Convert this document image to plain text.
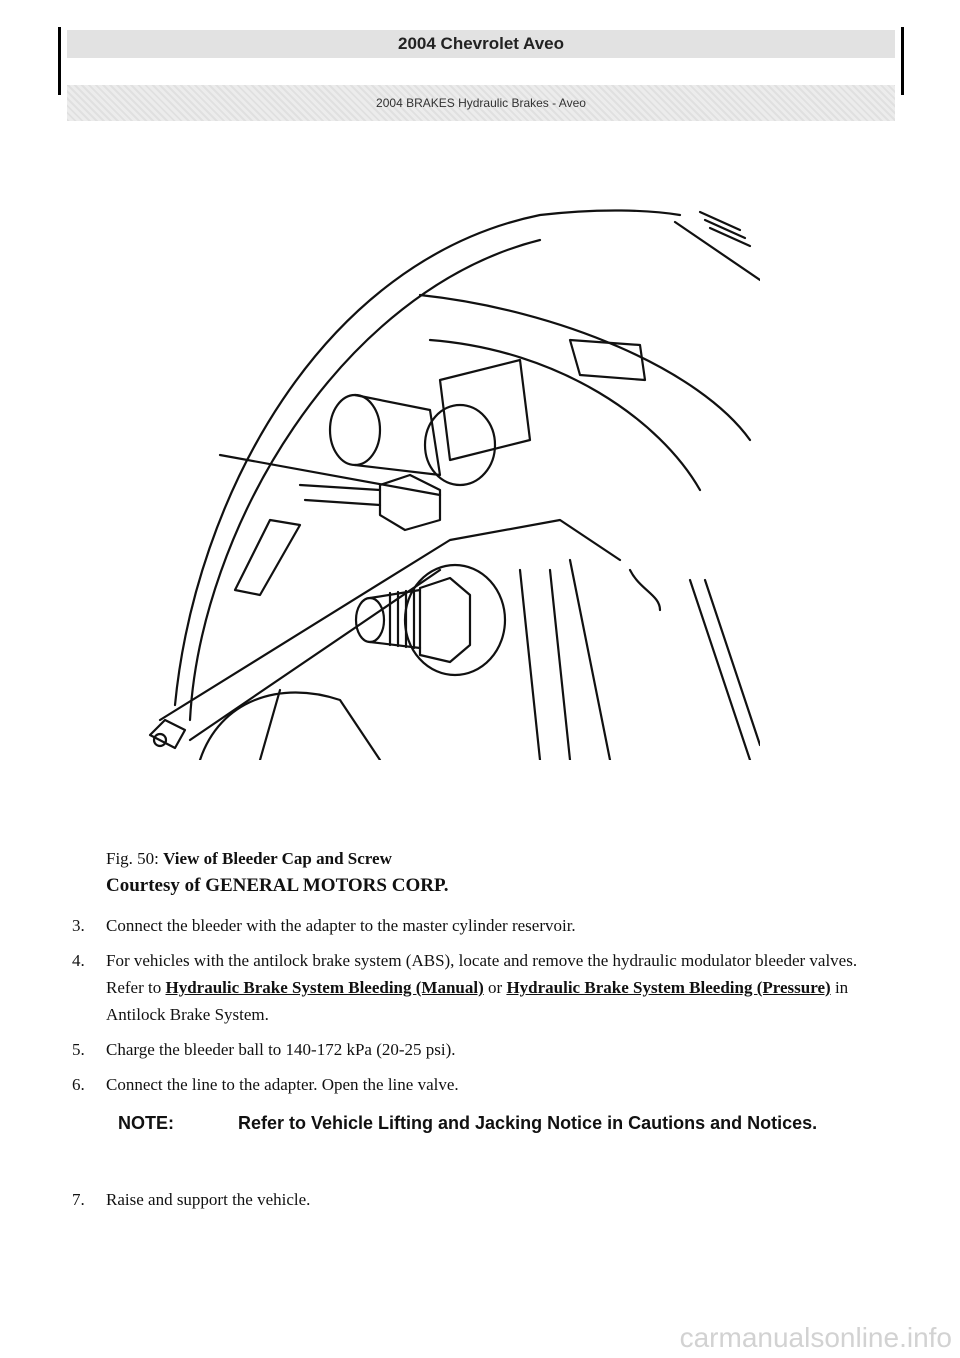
2004 Chevrolet Aveo
2004 BRAKES Hydraulic Brakes - Aveo
Fig. 50: View of Bleeder Cap and Screw
Courtesy of GENERAL MOTORS CORP.
3. Connect the bleeder with the adapter to the master cylinder reservoir.
4. For vehicles with the antilock brake system (ABS), locate and remove the hydraulic modulator bleeder valves. Refer to Hydraulic Brake System Bleeding (Manual) or Hydraulic Brake System Bleeding (Pressure) in Antilock Brake System.
5. Charge the bleeder ball to 140-172 kPa (20-25 psi).
6. Connect the line to the adapter. Open the line valve.
NOTE:	Refer to Vehicle Lifting and Jacking Notice in Cautions and Notices.
7. Raise and support the vehicle.
carmanualsonline.info
